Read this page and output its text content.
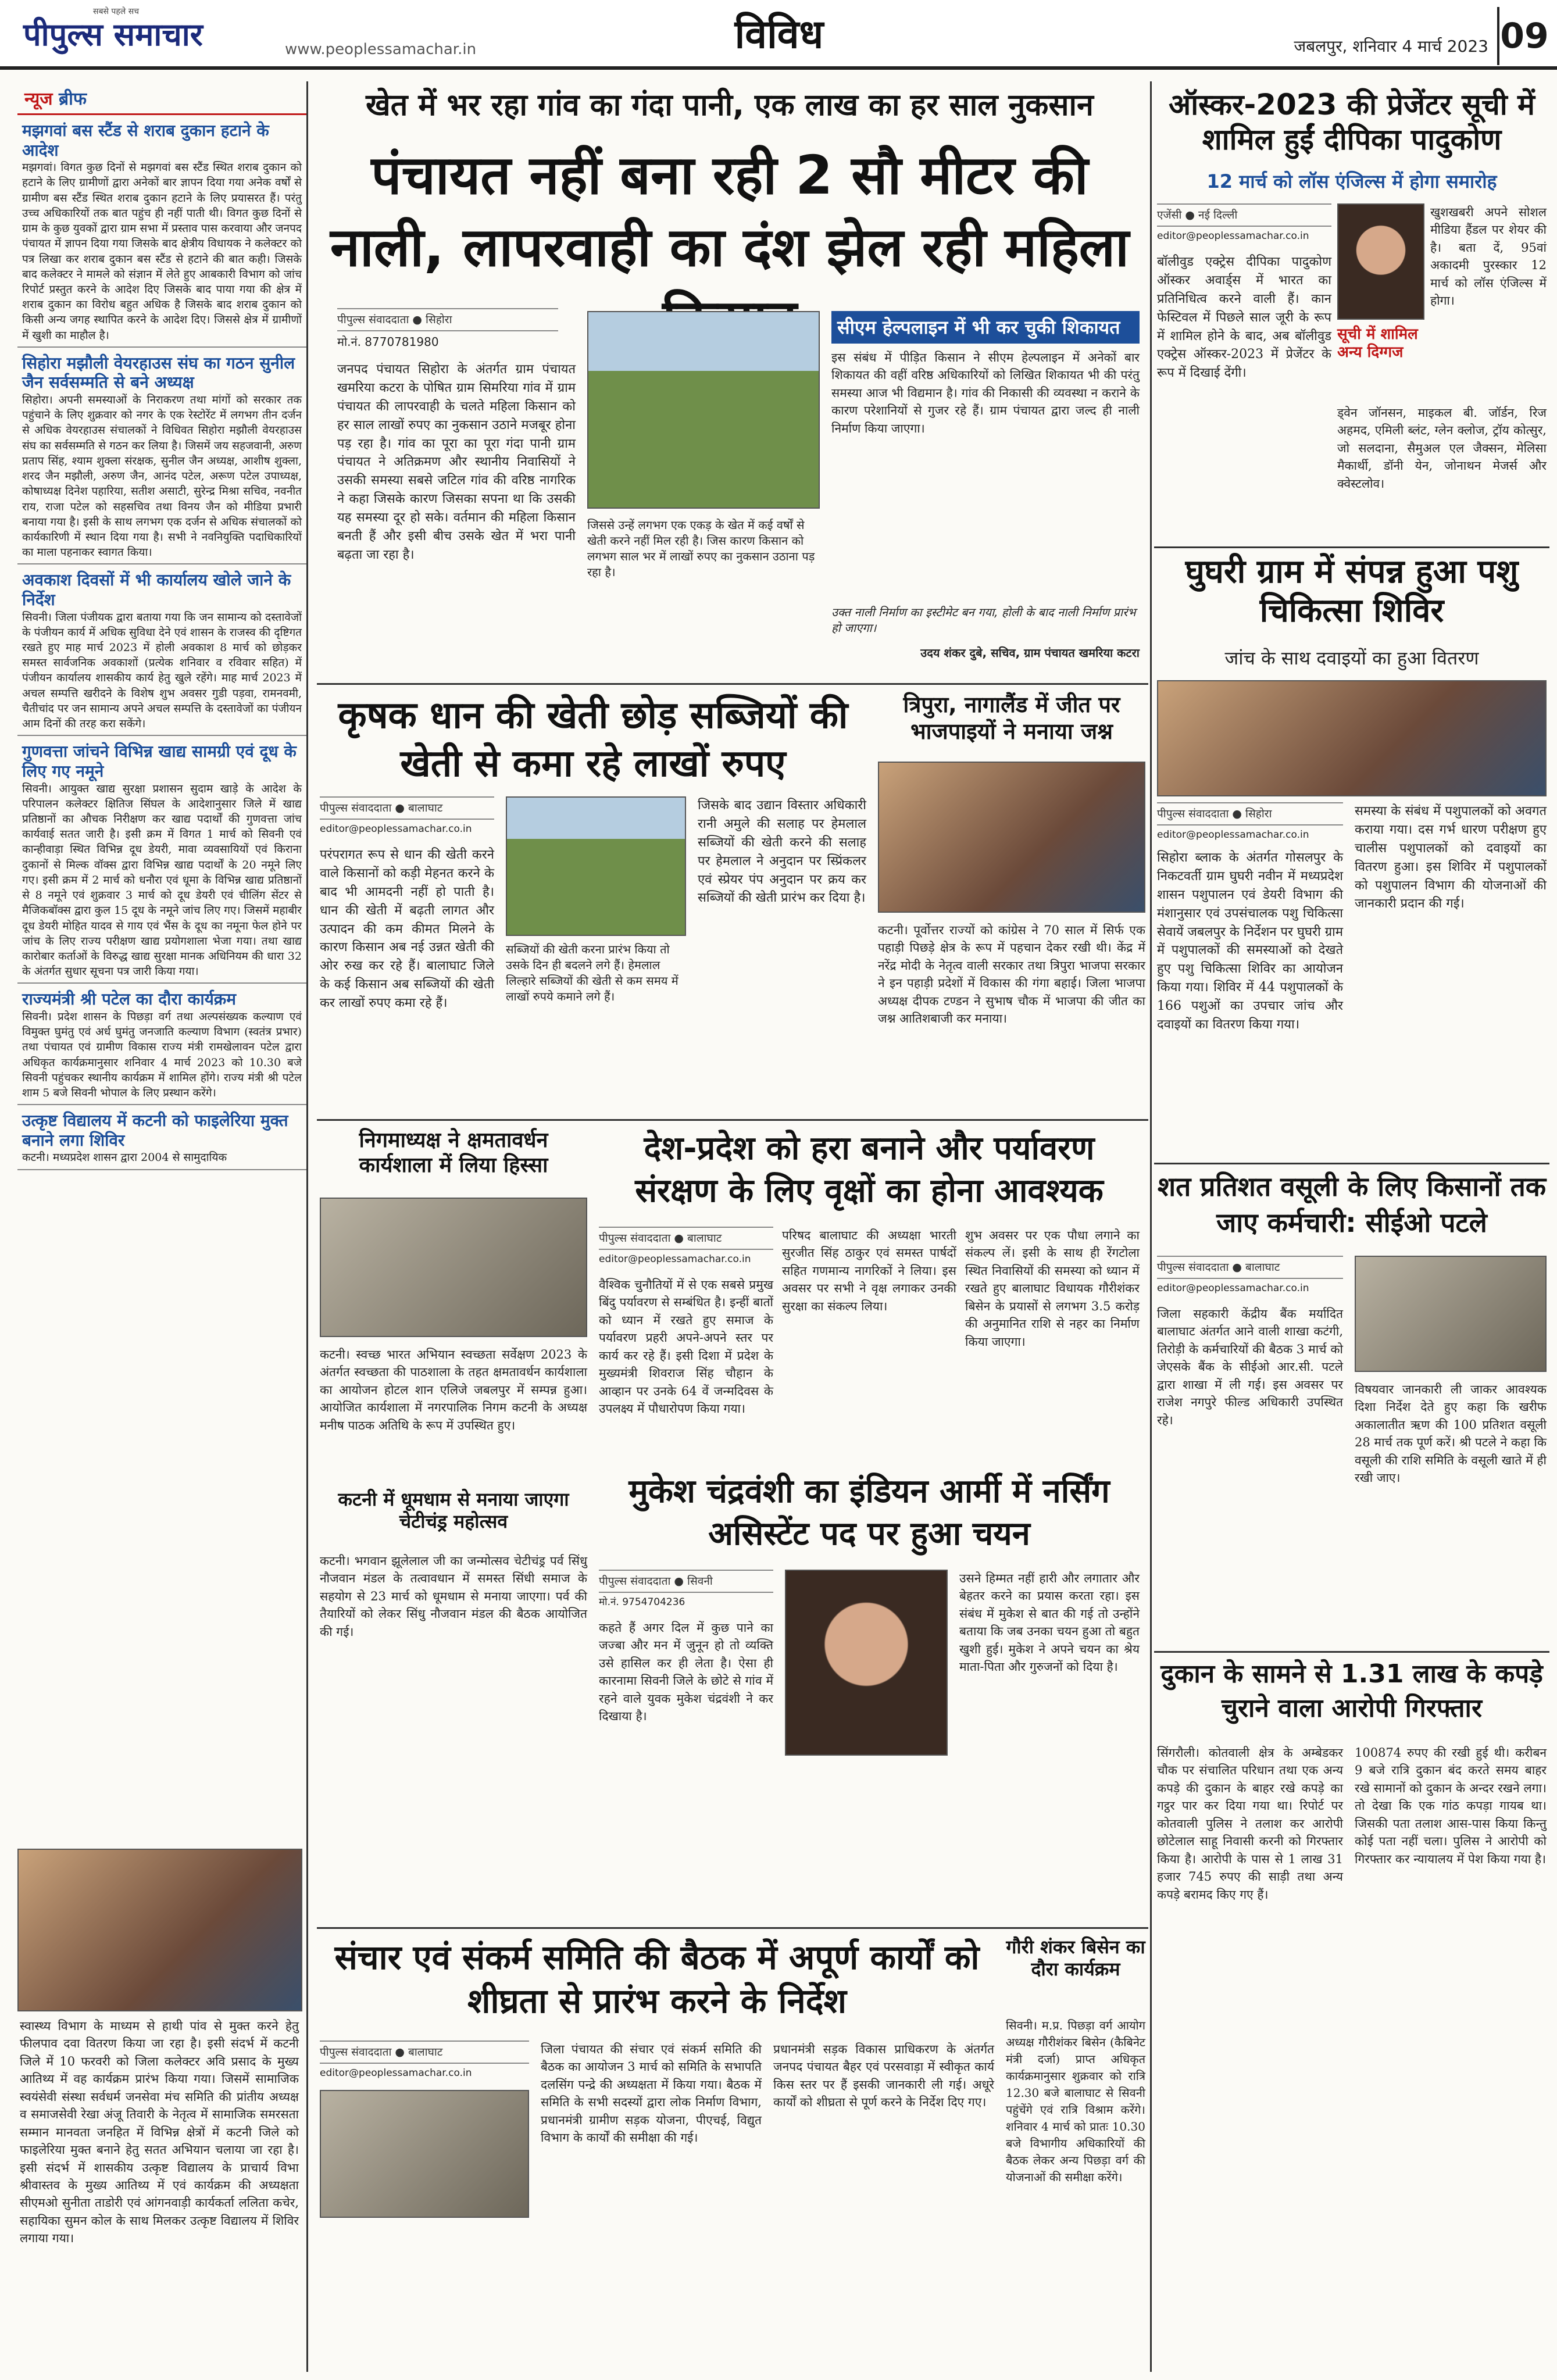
सबसे पहले सच
पीपुल्स समाचार	www.peoplessamachar.in	विविध	जबलपुर, शनिवार 4 मार्च 2023 09
न्यूज ब्रीफ
मझगवां बस स्टैंड से शराब दुकान हटाने के आदेश
मझगवां। विगत कुछ दिनों से मझगवां बस स्टैंड स्थित शराब दुकान को हटाने के लिए ग्रामीणों द्वारा अनेकों बार ज्ञापन दिया गया अनेक वर्षों से ग्रामीण बस स्टैंड स्थित शराब दुकान हटाने के लिए प्रयासरत हैं। परंतु उच्च अधिकारियों तक बात पहुंच ही नहीं पाती थी। विगत कुछ दिनों से ग्राम के कुछ युवकों द्वारा ग्राम सभा में प्रस्ताव पास करवाया और जनपद पंचायत में ज्ञापन दिया गया जिसके बाद क्षेत्रीय विधायक ने कलेक्टर को पत्र लिखा कर शराब दुकान बस स्टैंड से हटाने की बात कही। जिसके बाद कलेक्टर ने मामले को संज्ञान में लेते हुए आबकारी विभाग को जांच रिपोर्ट प्रस्तुत करने के आदेश दिए जिसके बाद पाया गया की क्षेत्र में शराब दुकान का विरोध बहुत अधिक है जिसके बाद शराब दुकान को किसी अन्य जगह स्थापित करने के आदेश दिए। जिससे क्षेत्र में ग्रामीणों में खुशी का माहौल है।
सिहोरा मझौली वेयरहाउस संघ का गठन सुनील जैन सर्वसम्मति से बने अध्यक्ष
सिहोरा। अपनी समस्याओं के निराकरण तथा मांगों को सरकार तक पहुंचाने के लिए शुक्रवार को नगर के एक रेस्टोरेंट में लगभग तीन दर्जन से अधिक वेयरहाउस संचालकों ने विधिवत सिहोरा मझौली वेयरहाउस संघ का सर्वसम्मति से गठन कर लिया है। जिसमें जय सहजवानी, अरुण प्रताप सिंह, श्याम शुक्ला संरक्षक, सुनील जैन अध्यक्ष, आशीष शुक्ला, शरद जैन मझौली, अरुण जैन, आनंद पटेल, अरूण पटेल उपाध्यक्ष, कोषाध्यक्ष दिनेश पहारिया, सतीश असाटी, सुरेन्द्र मिश्रा सचिव, नवनीत राय, राजा पटेल को सहसचिव तथा विनय जैन को मीडिया प्रभारी बनाया गया है। इसी के साथ लगभग एक दर्जन से अधिक संचालकों को कार्यकारिणी में स्थान दिया गया है। सभी ने नवनियुक्ति पदाधिकारियों का माला पहनाकर स्वागत किया।
अवकाश दिवसों में भी कार्यालय खोले जाने के निर्देश
सिवनी। जिला पंजीयक द्वारा बताया गया कि जन सामान्य को दस्तावेजों के पंजीयन कार्य में अधिक सुविधा देने एवं शासन के राजस्व की दृष्टिगत रखते हुए माह मार्च 2023 में होली अवकाश 8 मार्च को छोड़कर समस्त सार्वजनिक अवकाशों (प्रत्येक शनिवार व रविवार सहित) में पंजीयन कार्यालय शासकीय कार्य हेतु खुले रहेंगे। माह मार्च 2023 में अचल सम्पत्ति खरीदने के विशेष शुभ अवसर गुडी पड़वा, रामनवमी, चैतीचांद पर जन सामान्य अपने अचल सम्पत्ति के दस्तावेजों का पंजीयन आम दिनों की तरह करा सकेंगे।
गुणवत्ता जांचने विभिन्न खाद्य सामग्री एवं दूध के लिए गए नमूने
सिवनी। आयुक्त खाद्य सुरक्षा प्रशासन सुदाम खाड़े के आदेश के परिपालन कलेक्टर क्षितिज सिंघल के आदेशानुसार जिले में खाद्य प्रतिष्ठानों का औचक निरीक्षण कर खाद्य पदार्थों की गुणवत्ता जांच कार्यवाई सतत जारी है। इसी क्रम में विगत 1 मार्च को सिवनी एवं कान्हीवाड़ा स्थित विभिन्न दूध डेयरी, मावा व्यवसायियों एवं किराना दुकानों से मिल्क वॉक्स द्वारा विभिन्न खाद्य पदार्थों के 20 नमूने लिए गए। इसी क्रम में 2 मार्च को धनौरा एवं धूमा के विभिन्न खाद्य प्रतिष्ठानों से 8 नमूने एवं शुक्रवार 3 मार्च को दूध डेयरी एवं चीलिंग सेंटर से मैजिकबॉक्स द्वारा कुल 15 दूध के नमूने जांच लिए गए। जिसमें महाबीर दूध डेयरी मोहित यादव से गाय एवं भैंस के दूध का नमूना फेल होने पर जांच के लिए राज्य परीक्षण खाद्य प्रयोगशाला भेजा गया। तथा खाद्य कारोबार कर्ताओं के विरुद्ध खाद्य सुरक्षा मानक अधिनियम की धारा 32 के अंतर्गत सुधार सूचना पत्र जारी किया गया।
राज्यमंत्री श्री पटेल का दौरा कार्यक्रम
सिवनी। प्रदेश शासन के पिछड़ा वर्ग तथा अल्पसंख्यक कल्याण एवं विमुक्त घुमंतु एवं अर्ध घुमंतु जनजाति कल्याण विभाग (स्वतंत्र प्रभार) तथा पंचायत एवं ग्रामीण विकास राज्य मंत्री रामखेलावन पटेल द्वारा अधिकृत कार्यक्रमानुसार शनिवार 4 मार्च 2023 को 10.30 बजे सिवनी पहुंचकर स्थानीय कार्यक्रम में शामिल होंगे। राज्य मंत्री श्री पटेल शाम 5 बजे सिवनी भोपाल के लिए प्रस्थान करेंगे।
उत्कृष्ट विद्यालय में कटनी को फाइलेरिया मुक्त बनाने लगा शिविर
कटनी। मध्यप्रदेश शासन द्वारा 2004 से सामुदायिक
स्वास्थ्य विभाग के माध्यम से हाथी पांव से मुक्त करने हेतु फीलपाव दवा वितरण किया जा रहा है। इसी संदर्भ में कटनी जिले में 10 फरवरी को जिला कलेक्टर अवि प्रसाद के मुख्य आतिथ्य में वह कार्यक्रम प्रारंभ किया गया। जिसमें सामाजिक स्वयंसेवी संस्था सर्वधर्म जनसेवा मंच समिति की प्रांतीय अध्यक्ष व समाजसेवी रेखा अंजू तिवारी के नेतृत्व में सामाजिक समरसता सम्मान मानवता जनहित में विभिन्न क्षेत्रों में कटनी जिले को फाइलेरिया मुक्त बनाने हेतु सतत अभियान चलाया जा रहा है। इसी संदर्भ में शासकीय उत्कृष्ट विद्यालय के प्राचार्य विभा श्रीवास्तव के मुख्य आतिथ्य में एवं कार्यक्रम की अध्यक्षता सीएमओ सुनीता ताडोरी एवं आंगनवाड़ी कार्यकर्ता ललिता कचेर, सहायिका सुमन कोल के साथ मिलकर उत्कृष्ट विद्यालय में शिविर लगाया गया।
खेत में भर रहा गांव का गंदा पानी, एक लाख का हर साल नुकसान
पंचायत नहीं बना रही 2 सौ मीटर की नाली, लापरवाही का दंश झेल रही महिला
पीपुल्स संवाददाता ● सिहोरा
मो.नं. 8770781980
जनपद पंचायत सिहोरा के अंतर्गत ग्राम पंचायत खमरिया कटरा के पोषित ग्राम सिमरिया गांव में ग्राम पंचायत की लापरवाही के चलते महिला किसान को हर साल लाखों रुपए का नुकसान उठाने मजबूर होना पड़ रहा है। गांव का पूरा का पूरा गंदा पानी ग्राम पंचायत ने अतिक्रमण और स्थानीय निवासियों ने उसकी समस्या सबसे जटिल गांव की वरिष्ठ नागरिक ने कहा जिसके कारण जिसका सपना था कि उसकी यह समस्या दूर हो सके। वर्तमान की महिला किसान बनती हैं और इसी बीच उसके खेत में भरा पानी बढ़ता जा रहा है।
जिससे उन्हें लगभग एक एकड़ के खेत में कई वर्षों से खेती करने नहीं मिल रही है। जिस कारण किसान को लगभग साल भर में लाखों रुपए का नुकसान उठाना पड़ रहा है।
सीएम हेल्पलाइन में भी कर चुकी शिकायत
इस संबंध में पीड़ित किसान ने सीएम हेल्पलाइन में अनेकों बार शिकायत की वहीं वरिष्ठ अधिकारियों को लिखित शिकायत भी की परंतु समस्या आज भी विद्यमान है। गांव की निकासी की व्यवस्था न कराने के कारण परेशानियों से गुजर रहे हैं। ग्राम पंचायत द्वारा जल्द ही नाली निर्माण किया जाएगा।
उक्त नाली निर्माण का इस्टीमेट बन गया, होली के बाद नाली निर्माण प्रारंभ हो जाएगा।
उदय शंकर दुबे, सचिव, ग्राम पंचायत खमरिया कटरा
ऑस्कर-2023 की प्रेजेंटर सूची में शामिल हुईं दीपिका पादुकोण
12 मार्च को लॉस एंजिल्स में होगा समारोह
एजेंसी ● नई दिल्ली
editor@peoplessamachar.co.in
बॉलीवुड एक्ट्रेस दीपिका पादुकोण ऑस्कर अवार्ड्स में भारत का प्रतिनिधित्व करने वाली हैं। कान फेस्टिवल में पिछले साल जूरी के रूप में शामिल होने के बाद, अब बॉलीवुड एक्ट्रेस ऑस्कर-2023 में प्रेजेंटर के रूप में दिखाई देंगी।
खुशखबरी अपने सोशल मीडिया हैंडल पर शेयर की है। बता दें, 95वां अकादमी पुरस्कार 12 मार्च को लॉस एंजिल्स में होगा।
सूची में शामिल अन्य दिग्गज
ड्वेन जॉनसन, माइकल बी. जॉर्डन, रिज अहमद, एमिली ब्लंट, ग्लेन क्लोज, ट्रॉय कोत्सुर, जो सलदाना, सैमुअल एल जैक्सन, मेलिसा मैकार्थी, डॉनी येन, जोनाथन मेजर्स और क्वेस्टलोव।
घुघरी ग्राम में संपन्न हुआ पशु चिकित्सा शिविर
जांच के साथ दवाइयों का हुआ वितरण
पीपुल्स संवाददाता ● सिहोरा
editor@peoplessamachar.co.in
सिहोरा ब्लाक के अंतर्गत गोसलपुर के निकटवर्ती ग्राम घुघरी नवीन में मध्यप्रदेश शासन पशुपालन एवं डेयरी विभाग की मंशानुसार एवं उपसंचालक पशु चिकित्सा सेवायें जबलपुर के निर्देशन पर घुघरी ग्राम में पशुपालकों की समस्याओं को देखते हुए पशु चिकित्सा शिविर का आयोजन किया गया। शिविर में 44 पशुपालकों के 166 पशुओं का उपचार जांच और दवाइयों का वितरण किया गया।
समस्या के संबंध में पशुपालकों को अवगत कराया गया। दस गर्भ धारण परीक्षण हुए चालीस पशुपालकों को दवाइयों का वितरण हुआ। इस शिविर में पशुपालकों को पशुपालन विभाग की योजनाओं की जानकारी प्रदान की गई।
कृषक धान की खेती छोड़ सब्जियों की खेती से कमा रहे लाखों रुपए
पीपुल्स संवाददाता ● बालाघाट
editor@peoplessamachar.co.in
परंपरागत रूप से धान की खेती करने वाले किसानों को कड़ी मेहनत करने के बाद भी आमदनी नहीं हो पाती है। धान की खेती में बढ़ती लागत और उत्पादन की कम कीमत मिलने के कारण किसान अब नई उन्नत खेती की ओर रुख कर रहे हैं। बालाघाट जिले के कई किसान अब सब्जियों की खेती कर लाखों रुपए कमा रहे हैं।
सब्जियों की खेती करना प्रारंभ किया तो उसके दिन ही बदलने लगे हैं। हेमलाल लिल्हारे सब्जियों की खेती से कम समय में लाखों रुपये कमाने लगे हैं।
जिसके बाद उद्यान विस्तार अधिकारी रानी अमुले की सलाह पर हेमलाल सब्जियों की खेती करने की सलाह पर हेमलाल ने अनुदान पर स्प्रिंकलर एवं स्प्रेयर पंप अनुदान पर क्रय कर सब्जियों की खेती प्रारंभ कर दिया है।
त्रिपुरा, नागालैंड में जीत पर भाजपाइयों ने मनाया जश्न
कटनी। पूर्वोत्तर राज्यों को कांग्रेस ने 70 साल में सिर्फ एक पहाड़ी पिछड़े क्षेत्र के रूप में पहचान देकर रखी थी। केंद्र में नरेंद्र मोदी के नेतृत्व वाली सरकार तथा त्रिपुरा भाजपा सरकार ने इन पहाड़ी प्रदेशों में विकास की गंगा बहाई। जिला भाजपा अध्यक्ष दीपक टण्डन ने सुभाष चौक में भाजपा की जीत का जश्न आतिशबाजी कर मनाया।
निगमाध्यक्ष ने क्षमतावर्धन कार्यशाला में लिया हिस्सा
कटनी। स्वच्छ भारत अभियान स्वच्छता सर्वेक्षण 2023 के अंतर्गत स्वच्छता की पाठशाला के तहत क्षमतावर्धन कार्यशाला का आयोजन होटल शान एलिजे जबलपुर में सम्पन्न हुआ। आयोजित कार्यशाला में नगरपालिक निगम कटनी के अध्यक्ष मनीष पाठक अतिथि के रूप में उपस्थित हुए।
कटनी में धूमधाम से मनाया जाएगा चेटीचंड्र महोत्सव
कटनी। भगवान झूलेलाल जी का जन्मोत्सव चेटीचंड्र पर्व सिंधु नौजवान मंडल के तत्वावधान में समस्त सिंधी समाज के सहयोग से 23 मार्च को धूमधाम से मनाया जाएगा। पर्व की तैयारियों को लेकर सिंधु नौजवान मंडल की बैठक आयोजित की गई।
देश-प्रदेश को हरा बनाने और पर्यावरण संरक्षण के लिए वृक्षों का होना आवश्यक
पीपुल्स संवाददाता ● बालाघाट
editor@peoplessamachar.co.in
वैश्विक चुनौतियों में से एक सबसे प्रमुख बिंदु पर्यावरण से सम्बंधित है। इन्हीं बातों को ध्यान में रखते हुए समाज के पर्यावरण प्रहरी अपने-अपने स्तर पर कार्य कर रहे हैं। इसी दिशा में प्रदेश के मुख्यमंत्री शिवराज सिंह चौहान के आव्हान पर उनके 64 वें जन्मदिवस के उपलक्ष्य में पौधारोपण किया गया।
परिषद बालाघाट की अध्यक्षा भारती सुरजीत सिंह ठाकुर एवं समस्त पार्षदों सहित गणमान्य नागरिकों ने लिया। इस अवसर पर सभी ने वृक्ष लगाकर उनकी सुरक्षा का संकल्प लिया।
शुभ अवसर पर एक पौधा लगाने का संकल्प लें। इसी के साथ ही रेंगटोला स्थित निवासियों की समस्या को ध्यान में रखते हुए बालाघाट विधायक गौरीशंकर बिसेन के प्रयासों से लगभग 3.5 करोड़ की अनुमानित राशि से नहर का निर्माण किया जाएगा।
मुकेश चंद्रवंशी का इंडियन आर्मी में नर्सिंग असिस्टेंट पद पर हुआ चयन
पीपुल्स संवाददाता ● सिवनी
मो.नं. 9754704236
कहते हैं अगर दिल में कुछ पाने का जज्बा और मन में जुनून हो तो व्यक्ति उसे हासिल कर ही लेता है। ऐसा ही कारनामा सिवनी जिले के छोटे से गांव में रहने वाले युवक मुकेश चंद्रवंशी ने कर दिखाया है।
उसने हिम्मत नहीं हारी और लगातार और बेहतर करने का प्रयास करता रहा। इस संबंध में मुकेश से बात की गई तो उन्होंने बताया कि जब उनका चयन हुआ तो बहुत खुशी हुई। मुकेश ने अपने चयन का श्रेय माता-पिता और गुरुजनों को दिया है।
शत प्रतिशत वसूली के लिए किसानों तक जाए कर्मचारी: सीईओ पटले
पीपुल्स संवाददाता ● बालाघाट
editor@peoplessamachar.co.in
जिला सहकारी केंद्रीय बैंक मर्यादित बालाघाट अंतर्गत आने वाली शाखा कटंगी, तिरोड़ी के कर्मचारियों की बैठक 3 मार्च को जेएसके बैंक के सीईओ आर.सी. पटले द्वारा शाखा में ली गई। इस अवसर पर राजेश नगपुरे फील्ड अधिकारी उपस्थित रहे।
विषयवार जानकारी ली जाकर आवश्यक दिशा निर्देश देते हुए कहा कि खरीफ अकालातीत ऋण की 100 प्रतिशत वसूली 28 मार्च तक पूर्ण करें। श्री पटले ने कहा कि वसूली की राशि समिति के वसूली खाते में ही रखी जाए।
दुकान के सामने से 1.31 लाख के कपड़े चुराने वाला आरोपी गिरफ्तार
सिंगरौली। कोतवाली क्षेत्र के अम्बेडकर चौक पर संचालित परिधान तथा एक अन्य कपड़े की दुकान के बाहर रखे कपड़े का गट्ठर पार कर दिया गया था। रिपोर्ट पर कोतवाली पुलिस ने तलाश कर आरोपी छोटेलाल साहू निवासी करनी को गिरफ्तार किया है। आरोपी के पास से 1 लाख 31 हजार 745 रुपए की साड़ी तथा अन्य कपड़े बरामद किए गए हैं।
100874 रुपए की रखी हुई थी। करीबन 9 बजे रात्रि दुकान बंद करते समय बाहर रखे सामानों को दुकान के अन्दर रखने लगा। तो देखा कि एक गांठ कपड़ा गायब था। जिसकी पता तलाश आस-पास किया किन्तु कोई पता नहीं चला। पुलिस ने आरोपी को गिरफ्तार कर न्यायालय में पेश किया गया है।
संचार एवं संकर्म समिति की बैठक में अपूर्ण कार्यों को शीघ्रता से प्रारंभ करने के निर्देश
पीपुल्स संवाददाता ● बालाघाट
editor@peoplessamachar.co.in
जिला पंचायत की संचार एवं संकर्म समिति की बैठक का आयोजन 3 मार्च को समिति के सभापति दलसिंग पन्द्रे की अध्यक्षता में किया गया। बैठक में समिति के सभी सदस्यों द्वारा लोक निर्माण विभाग, प्रधानमंत्री ग्रामीण सड़क योजना, पीएचई, विद्युत विभाग के कार्यों की समीक्षा की गई।
प्रधानमंत्री सड़क विकास प्राधिकरण के अंतर्गत जनपद पंचायत बैहर एवं परसवाड़ा में स्वीकृत कार्य किस स्तर पर हैं इसकी जानकारी ली गई। अधूरे कार्यों को शीघ्रता से पूर्ण करने के निर्देश दिए गए।
गौरी शंकर बिसेन का दौरा कार्यक्रम
सिवनी। म.प्र. पिछड़ा वर्ग आयोग अध्यक्ष गौरीशंकर बिसेन (कैबिनेट मंत्री दर्जा) प्राप्त अधिकृत कार्यक्रमानुसार शुक्रवार को रात्रि 12.30 बजे बालाघाट से सिवनी पहुंचेंगे एवं रात्रि विश्राम करेंगे। शनिवार 4 मार्च को प्रातः 10.30 बजे विभागीय अधिकारियों की बैठक लेकर अन्य पिछड़ा वर्ग की योजनाओं की समीक्षा करेंगे।
